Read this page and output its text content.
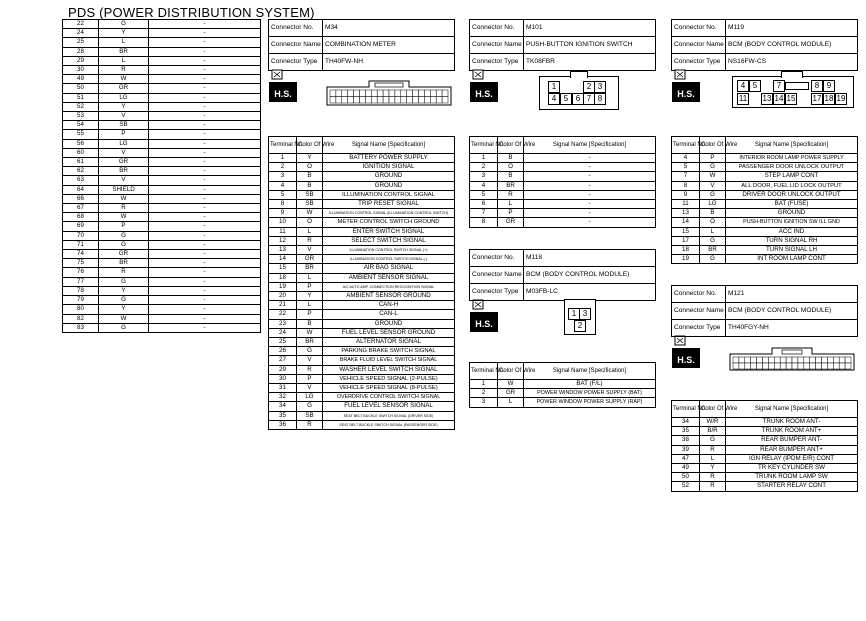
PDS (POWER DISTRIBUTION SYSTEM)
22	G	-
24	Y	-
25	L	-
28	BR	-
29	L	-
30	R	-
49	W	-
50	GR	-
51	LG	-
52	Y	-
53	V	-
54	SB	-
55	P	-
56	LG	-
60	V	-
61	GR	-
62	BR	-
63	V	-
64	SHIELD	-
66	W	-
67	R	-
68	W	-
69	P	-
70	G	-
71	G	-
74	GR	-
75	BR	-
76	R	-
77	G	-
78	Y	-
79	G	-
80	Y	-
82	W	-
83	G	-
Connector No.	M34
Connector Name	COMBINATION METER
Connector Type	TH40FW-NH
Connector No.	M101
Connector Name	PUSH-BUTTON IGNITION SWITCH
Connector Type	TK08FBR
Connector No.	M119
Connector Name	BCM (BODY CONTROL MODULE)
Connector Type	NS16FW-CS
H.S.	H.S.	H.S.
H.S.
H.S.
1	2 3
4 5 6 7 8
4 5	7	8 9
11 13 14 15 17 18 19
Terminal No.	Color Of Wire	Signal Name [Specification]
1	Y	BATTERY POWER SUPPLY
2	O	IGNITION SIGNAL
3	B	GROUND
4	B	GROUND
5	SB	ILLUMINATION CONTROL SIGNAL
8	SB	TRIP RESET SIGNAL
9	W	ILLUMINATION CONTROL SIGNAL (ILLUMINATION CONTROL SWITCH)
10	O	METER CONTROL SWITCH GROUND
11	L	ENTER SWITCH SIGNAL
12	R	SELECT SWITCH SIGNAL
13	V	ILLUMINATION CONTROL SWITCH SIGNAL (+)
14	GR	ILLUMINATION CONTROL SWITCH SIGNAL (-)
15	BR	AIR BAG SIGNAL
18	L	AMBIENT SENSOR SIGNAL
19	P	A/C AUTO AMP. CONNECTION RECOGNITION SIGNAL
20	Y	AMBIENT SENSOR GROUND
21	L	CAN-H
22	P	CAN-L
23	B	GROUND
24	W	FUEL LEVEL SENSOR GROUND
25	BR	ALTERNATOR SIGNAL
26	G	PARKING BRAKE SWITCH SIGNAL
27	V	BRAKE FLUID LEVEL SWITCH SIGNAL
29	R	WASHER LEVEL SWITCH SIGNAL
30	P	VEHICLE SPEED SIGNAL (2-PULSE)
31	V	VEHICLE SPEED SIGNAL (8-PULSE)
32	LG	OVERDRIVE CONTROL SWITCH SIGNAL
34	G	FUEL LEVEL SENSOR SIGNAL
35	SB	SEAT BELT BUCKLE SWITCH SIGNAL (DRIVER SIDE)
36	R	SEAT BELT BUCKLE SWITCH SIGNAL (PASSENGER SIDE)
Terminal No.	Color Of Wire	Signal Name [Specification]
1	B	-
2	O	-
3	B	-
4	BR	-
5	R	-
6	L	-
7	P	-
8	GR	-
Terminal No.	Color Of Wire	Signal Name [Specification]
4	P	INTERIOR ROOM LAMP POWER SUPPLY
5	G	PASSENGER DOOR UNLOCK OUTPUT
7	W	STEP LAMP CONT
8	V	ALL DOOR, FUEL LID LOCK OUTPUT
9	G	DRIVER DOOR UNLOCK OUTPUT
11	LG	BAT (FUSE)
13	B	GROUND
14	O	PUSH-BUTTON IGNITION SW ILL GND
15	L	ACC IND
17	G	TURN SIGNAL RH
18	BR	TURN SIGNAL LH
19	G	INT ROOM LAMP CONT
Connector No.	M118
Connector Name	BCM (BODY CONTROL MODULE)
Connector Type	M03FB-LC
1 3
2
Terminal No.	Color Of Wire	Signal Name [Specification]
1	W	BAT (F/L)
2	GR	POWER WINDOW POWER SUPPLY (BAT)
3	L	POWER WINDOW POWER SUPPLY (RAP)
Connector No.	M121
Connector Name	BCM (BODY CONTROL MODULE)
Connector Type	TH40FGY-NH
Terminal No.	Color Of Wire	Signal Name [Specification]
34	W/R	TRUNK ROOM ANT-
35	B/R	TRUNK ROOM ANT+
38	G	REAR BUMPER ANT-
39	R	REAR BUMPER ANT+
47	L	IGN RELAY (IPDM E/R) CONT
49	Y	TR KEY CYLINDER SW
50	R	TRUNK ROOM LAMP SW
52	R	STARTER RELAY CONT
